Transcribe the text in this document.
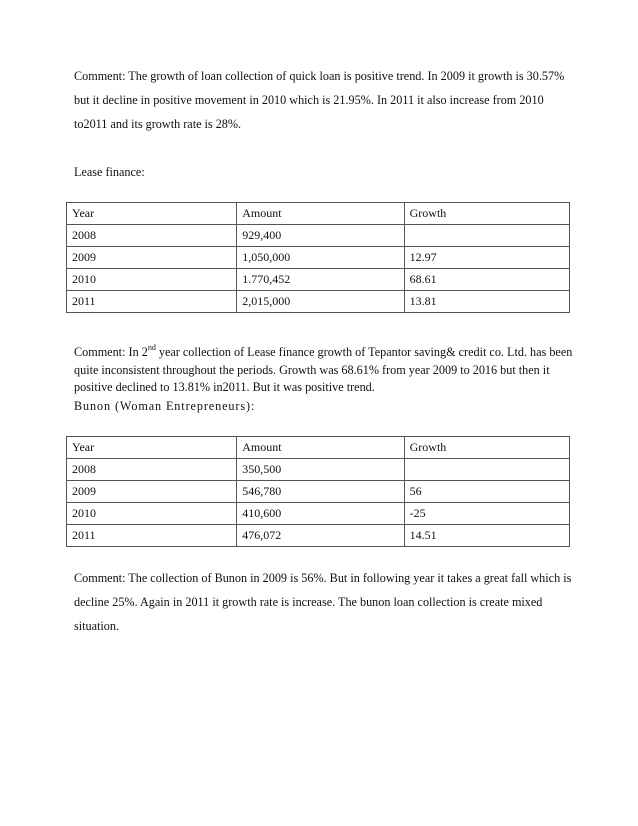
Comment: The growth of loan collection of quick loan is positive trend. In 2009 it growth is 30.57% but it decline in positive movement in 2010 which is 21.95%. In 2011 it also increase from 2010 to2011 and its growth rate is 28%.

Lease finance:

Year	Amount	Growth
2008	929,400	
2009	1,050,000	12.97
2010	1.770,452	68.61
2011	2,015,000	13.81

Comment: In 2nd year collection of Lease finance growth of Tepantor saving& credit co. Ltd. has been quite inconsistent throughout the periods. Growth was 68.61% from year 2009 to 2016 but then it positive declined to 13.81% in2011. But it was positive trend.

Bunon (Woman Entrepreneurs):

Year	Amount	Growth
2008	350,500	
2009	546,780	56
2010	410,600	-25
2011	476,072	14.51

Comment: The collection of Bunon in 2009 is 56%. But in following year it takes a great fall which is decline 25%. Again in 2011 it growth rate is increase. The bunon loan collection is create mixed situation.
